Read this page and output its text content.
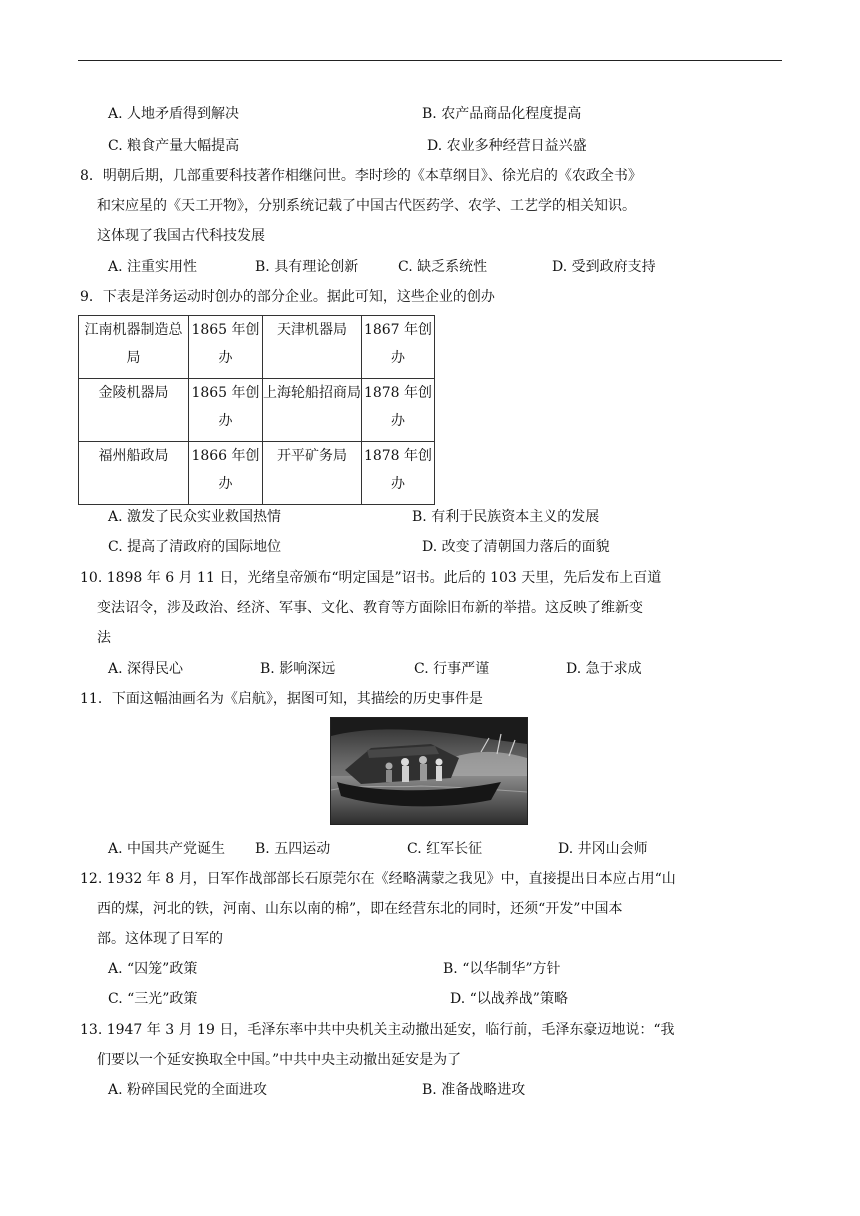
A. 人地矛盾得到解决	B. 农产品商品化程度提高
C. 粮食产量大幅提高	D. 农业多种经营日益兴盛
8．明朝后期，几部重要科技著作相继问世。李时珍的《本草纲目》、徐光启的《农政全书》
和宋应星的《天工开物》，分别系统记载了中国古代医药学、农学、工艺学的相关知识。
这体现了我国古代科技发展
A. 注重实用性	B. 具有理论创新	C. 缺乏系统性	D. 受到政府支持
9．下表是洋务运动时创办的部分企业。据此可知，这些企业的创办
江南机器制造总局	1865 年创办	天津机器局	1867 年创办
金陵机器局	1865 年创办	上海轮船招商局	1878 年创办
福州船政局	1866 年创办	开平矿务局	1878 年创办
A. 激发了民众实业救国热情	B. 有利于民族资本主义的发展
C. 提高了清政府的国际地位	D. 改变了清朝国力落后的面貌
10. 1898 年 6 月 11 日，光绪皇帝颁布“明定国是”诏书。此后的 103 天里，先后发布上百道
变法诏令，涉及政治、经济、军事、文化、教育等方面除旧布新的举措。这反映了维新变
法
A. 深得民心	B. 影响深远	C. 行事严谨	D. 急于求成
11．下面这幅油画名为《启航》，据图可知，其描绘的历史事件是
A. 中国共产党诞生 B. 五四运动	C. 红军长征	D. 井冈山会师
12. 1932 年 8 月，日军作战部部长石原莞尔在《经略满蒙之我见》中，直接提出日本应占用“山
西的煤，河北的铁，河南、山东以南的棉”，即在经营东北的同时，还须“开发”中国本
部。这体现了日军的
A. “囚笼”政策	B. “以华制华”方针
C. “三光”政策	D. “以战养战”策略
13. 1947 年 3 月 19 日，毛泽东率中共中央机关主动撤出延安，临行前，毛泽东豪迈地说：“我
们要以一个延安换取全中国。”中共中央主动撤出延安是为了
A. 粉碎国民党的全面进攻	B. 准备战略进攻
